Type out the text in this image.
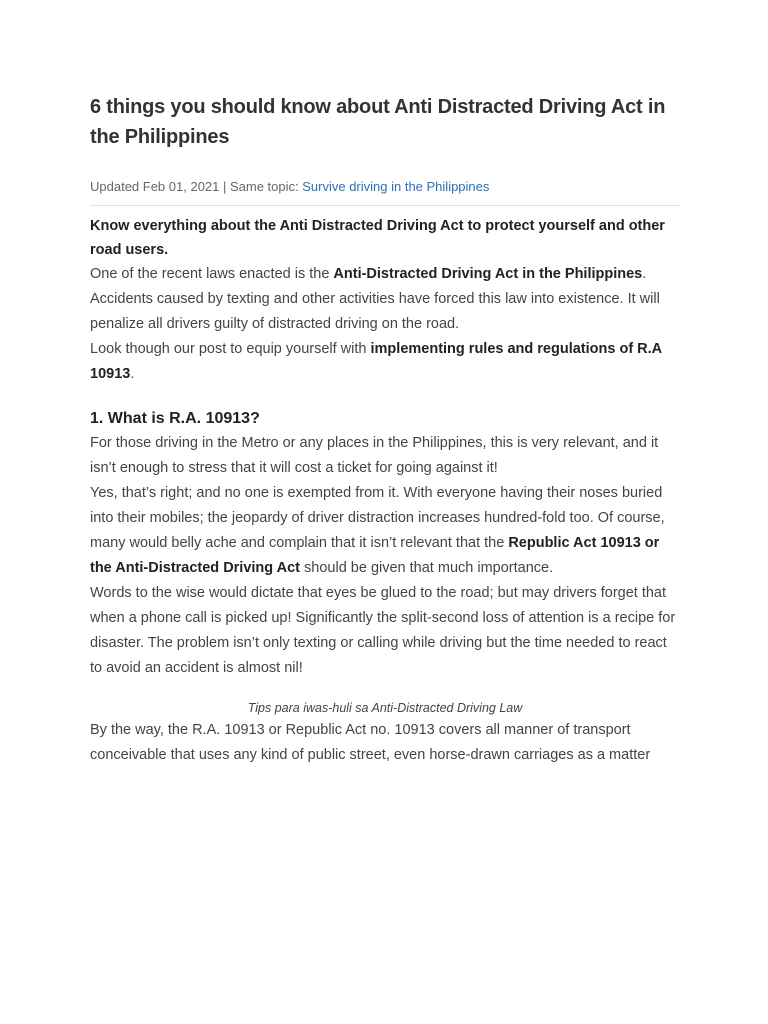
6 things you should know about Anti Distracted Driving Act in the Philippines
Updated Feb 01, 2021 | Same topic: Survive driving in the Philippines

Know everything about the Anti Distracted Driving Act to protect yourself and other road users.

One of the recent laws enacted is the Anti-Distracted Driving Act in the Philippines. Accidents caused by texting and other activities have forced this law into existence. It will penalize all drivers guilty of distracted driving on the road.

Look though our post to equip yourself with implementing rules and regulations of R.A 10913.

1. What is R.A. 10913?

For those driving in the Metro or any places in the Philippines, this is very relevant, and it isn’t enough to stress that it will cost a ticket for going against it!

Yes, that’s right; and no one is exempted from it. With everyone having their noses buried into their mobiles; the jeopardy of driver distraction increases hundred-fold too. Of course, many would belly ache and complain that it isn’t relevant that the Republic Act 10913 or the Anti-Distracted Driving Act should be given that much importance.

Words to the wise would dictate that eyes be glued to the road; but may drivers forget that when a phone call is picked up! Significantly the split-second loss of attention is a recipe for disaster. The problem isn’t only texting or calling while driving but the time needed to react to avoid an accident is almost nil!

Tips para iwas-huli sa Anti-Distracted Driving Law

By the way, the R.A. 10913 or Republic Act no. 10913 covers all manner of transport conceivable that uses any kind of public street, even horse-drawn carriages as a matter
